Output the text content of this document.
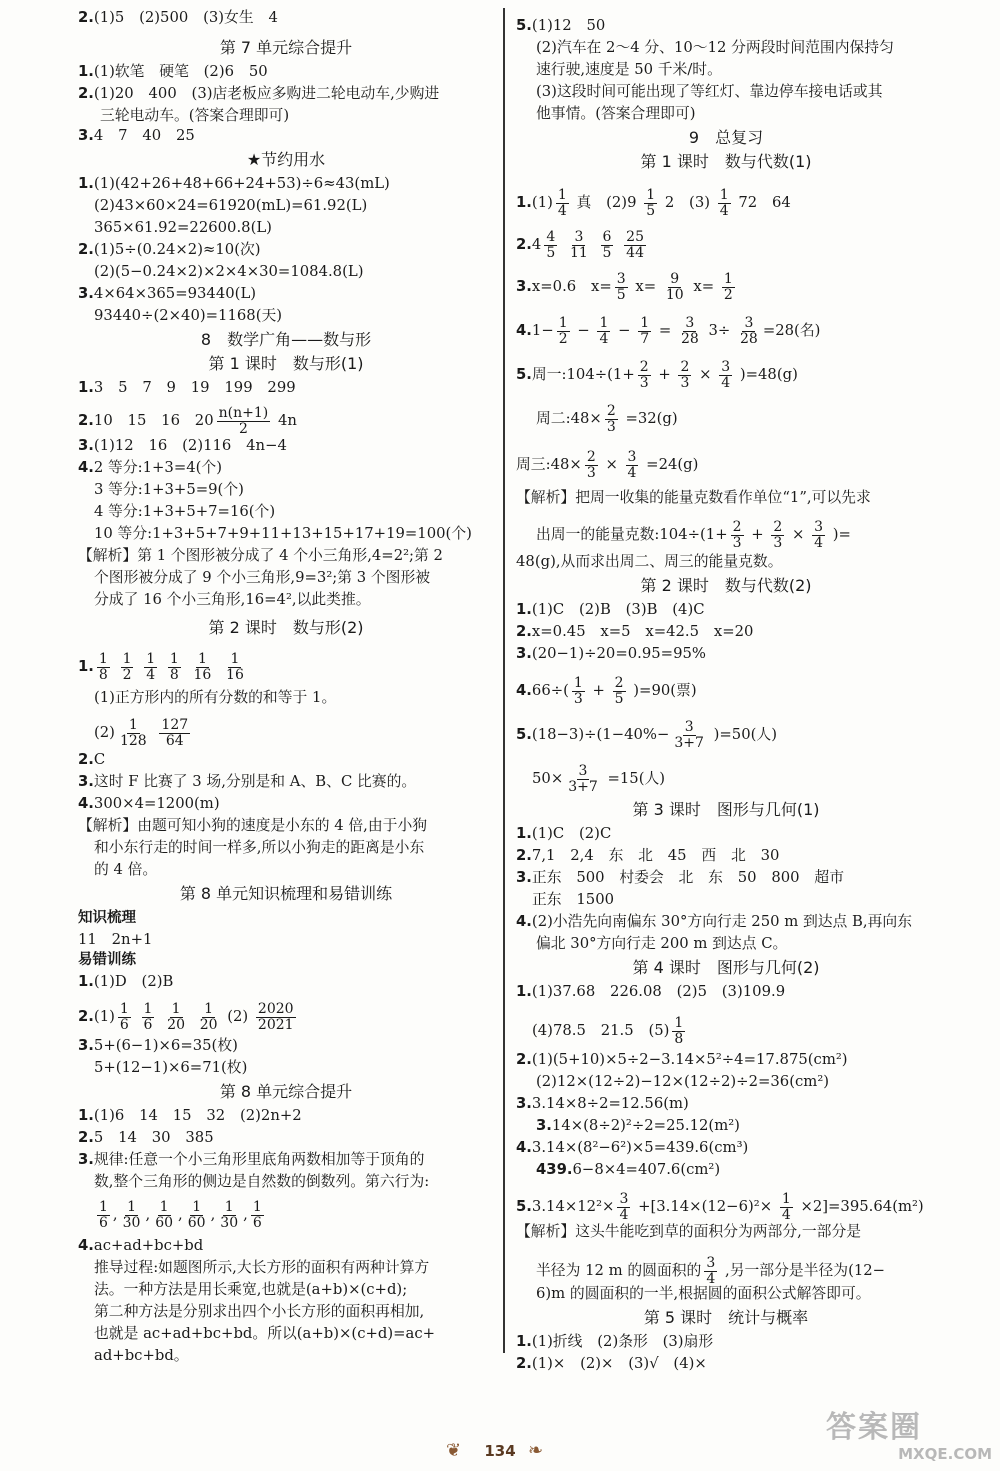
2.(1)5　(2)500　(3)女生　4
第 7 单元综合提升
1.(1)软笔　硬笔　(2)6　50
2.(1)20　400　(3)店老板应多购进二轮电动车,少购进
三轮电动车。(答案合理即可)
3.4　7　40　25
★节约用水
1.(1)(42+26+48+66+24+53)÷6≈43(mL)
(2)43×60×24=61920(mL)=61.92(L)
365×61.92=22600.8(L)
2.(1)5÷(0.24×2)≈10(次)
(2)(5−0.24×2)×2×4×30=1084.8(L)
3.4×64×365=93440(L)
93440÷(2×40)=1168(天)
8　数学广角——数与形
第 1 课时　数与形(1)
1.3　5　7　9　19　199　299
2.10　15　16　$20 \frac{n(n+1)}{2} 4n$
3.(1)12　16　(2)116　4n−4
4.2 等分:1+3=4(个)
3 等分:1+3+5=9(个)
4 等分:1+3+5+7=16(个)
10 等分:1+3+5+7+9+11+13+15+17+19=100(个)
【解析】第 1 个图形被分成了 4 个小三角形,4=2²;第 2
个图形被分成了 9 个小三角形,9=3²;第 3 个图形被
分成了 16 个小三角形,16=4²,以此类推。
第 2 课时　数与形(2)
1. $\frac{1}{8}$
$\frac{1}{2}$
$\frac{1}{4}$
$\frac{1}{8}$
$\frac{1}{16}$
$\frac{1}{16}$
(1)正方形内的所有分数的和等于 1。
$(2) \frac{1}{128}$
$\frac{127}{64}$
2.C
3.这时 F 比赛了 3 场,分别是和 A、B、C 比赛的。
4.300×4=1200(m)
【解析】由题可知小狗的速度是小东的 4 倍,由于小狗
和小东行走的时间一样多,所以小狗走的距离是小东
的 4 倍。
第 8 单元知识梳理和易错训练
知识梳理
11　2n+1
易错训练
1.(1)D　(2)B
$2.(1) \frac{1}{6}$
$\frac{1}{6}$
$\frac{1}{20}$
$\frac{1}{20} (2) \frac{2020}{2021}$
3.5+(6−1)×6=35(枚)
5+(12−1)×6=71(枚)
第 8 单元综合提升
1.(1)6　14　15　32　(2)2n+2
2.5　14　30　385
3.规律:任意一个小三角形里底角两数相加等于顶角的
数,整个三角形的侧边是自然数的倒数列。第六行为:
$\frac{1}{6}$ , $\frac{1}{30}$ , $\frac{1}{60}$ , $\frac{1}{60}$ , $\frac{1}{30}$ , $\frac{1}{6}$
4.ac+ad+bc+bd
推导过程:如题图所示,大长方形的面积有两种计算方
法。一种方法是用长乘宽,也就是(a+b)×(c+d);
第二种方法是分别求出四个小长方形的面积再相加,
也就是 ac+ad+bc+bd。所以(a+b)×(c+d)=ac+
ad+bc+bd。
5.(1)12　50
(2)汽车在 2～4 分、10～12 分两段时间范围内保持匀
速行驶,速度是 50 千米/时。
(3)这段时间可能出现了等红灯、靠边停车接电话或其
他事情。(答案合理即可)
9　总复习
第 1 课时　数与代数(1)
$1.(1) \frac{1}{4}$ 真　$(2)9 \frac{1}{5} 2$　$(3) \frac{1}{4} 72$　64
$2.4 \frac{4}{5}$
$\frac{3}{11}$
$\frac{6}{5}$
$\frac{25}{44}$
3.x=0.6　$x= \frac{3}{5} x= \frac{9}{10} x= \frac{1}{2}$
$4.1- \frac{1}{2} - \frac{1}{4} - \frac{1}{7} = \frac{3}{28} 3\div \frac{3}{28} =28$(名)
5.周一:104÷(1+ $\frac{2}{3} + \frac{2}{3} \times \frac{3}{4} )=48(g)$
周二:48× $\frac{2}{3} =32(g)$
周三:48× $\frac{2}{3} \times \frac{3}{4} =24(g)$
【解析】把周一收集的能量克数看作单位“1”,可以先求
出周一的能量克数:104÷(1+ $\frac{2}{3} + \frac{2}{3} \times \frac{3}{4}$ )=
48(g),从而求出周二、周三的能量克数。
第 2 课时　数与代数(2)
1.(1)C　(2)B　(3)B　(4)C
2.x=0.45　x=5　x=42.5　x=20
3.(20−1)÷20=0.95=95%
$4.66\div( \frac{1}{3} + \frac{2}{5} )=90$(票)
$5.(18-3)\div(1-40\%- \frac{3}{3+7} )=50$(人)
$50\times \frac{3}{3+7} =15$(人)
第 3 课时　图形与几何(1)
1.(1)C　(2)C
2.7,1　2,4　东　北　45　西　北　30
3.正东　500　村委会　北　东　50　800　超市
正东　1500
4.(2)小浩先向南偏东 30°方向行走 250 m 到达点 B,再向东
偏北 30°方向行走 200 m 到达点 C。
第 4 课时　图形与几何(2)
1.(1)37.68　226.08　(2)5　(3)109.9
(4)78.5　21.5　$(5) \frac{1}{8}$
2.(1)(5+10)×5÷2−3.14×5²÷4=17.875(cm²)
(2)12×(12÷2)−12×(12÷2)÷2=36(cm²)
3.3.14×8÷2=12.56(m)
3.14×(8÷2)²÷2=25.12(m²)
4.3.14×(8²−6²)×5=439.6(cm³)
439.6−8×4=407.6(cm²)
$5.3.14\times 12^2\times \frac{3}{4} +[3.14\times(12-6)^2\times \frac{1}{4} \times 2]=395.64(m^2)$
【解析】这头牛能吃到草的面积分为两部分,一部分是
半径为 12 m 的圆面积的 $\frac{3}{4}$ ,另一部分是半径为(12−
6)m 的圆面积的一半,根据圆的面积公式解答即可。
第 5 课时　统计与概率
1.(1)折线　(2)条形　(3)扇形
2.(1)×　(2)×　(3)√　(4)×
❦	134 ❧
答案圈
MXQE.COM
